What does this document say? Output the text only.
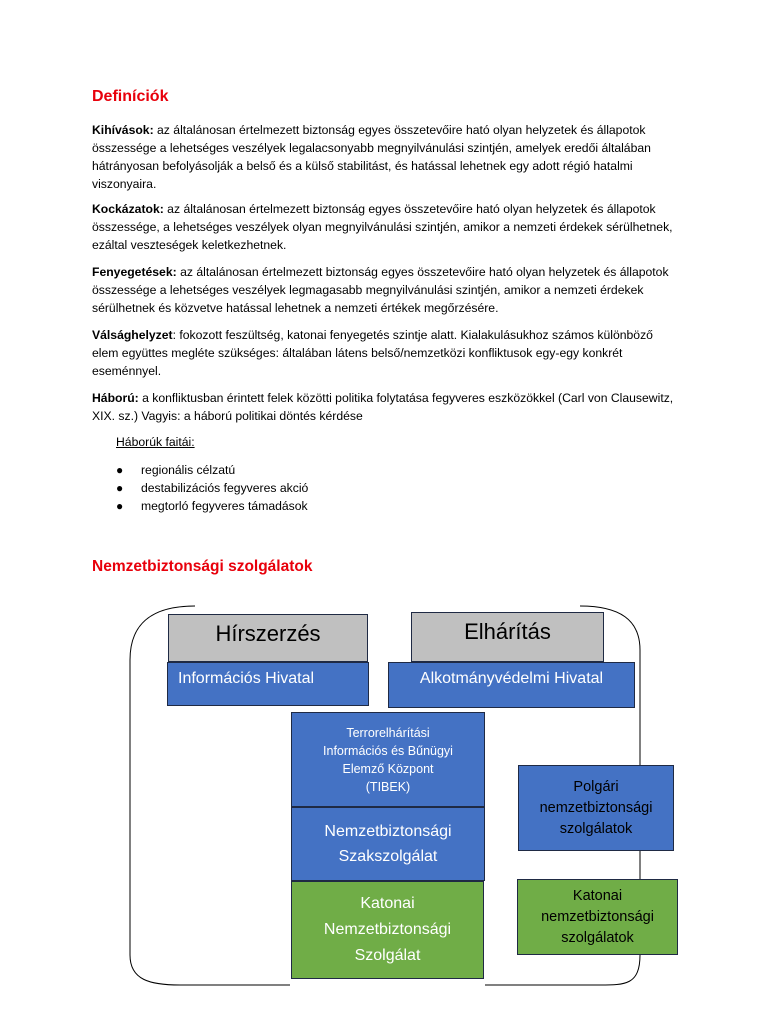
Definíciók
Kihívások: az általánosan értelmezett biztonság egyes összetevőire ható olyan helyzetek és állapotok összessége a lehetséges veszélyek legalacsonyabb megnyilvánulási szintjén, amelyek eredői általában hátrányosan befolyásolják a belső és a külső stabilitást, és hatással lehetnek egy adott régió hatalmi viszonyaira.
Kockázatok: az általánosan értelmezett biztonság egyes összetevőire ható olyan helyzetek és állapotok összessége, a lehetséges veszélyek olyan megnyilvánulási szintjén, amikor a nemzeti érdekek sérülhetnek, ezáltal veszteségek keletkezhetnek.
Fenyegetések: az általánosan értelmezett biztonság egyes összetevőire ható olyan helyzetek és állapotok összessége a lehetséges veszélyek legmagasabb megnyilvánulási szintjén, amikor a nemzeti érdekek sérülhetnek és közvetve hatással lehetnek a nemzeti értékek megőrzésére.
Válsághelyzet: fokozott feszültség, katonai fenyegetés szintje alatt. Kialakulásukhoz számos különböző elem együttes megléte szükséges: általában látens belső/nemzetközi konfliktusok egy-egy konkrét eseménnyel.
Háború: a konfliktusban érintett felek közötti politika folytatása fegyveres eszközökkel (Carl von Clausewitz, XIX. sz.) Vagyis: a háború politikai döntés kérdése
Háborúk faitái:
● regionális célzatú
● destabilizációs fegyveres akció
● megtorló fegyveres támadások
Nemzetbiztonsági szolgálatok
Hírszerzés	Elhárítás
Információs Hivatal	Alkotmányvédelmi Hivatal
Terrorelhárítási
Információs és Bűnügyi
Elemző Központ
(TIBEK)
Nemzetbiztonsági
Szakszolgálat
Katonai
Nemzetbiztonsági
Szolgálat
Polgári
nemzetbiztonsági
szolgálatok
Katonai
nemzetbiztonsági
szolgálatok
